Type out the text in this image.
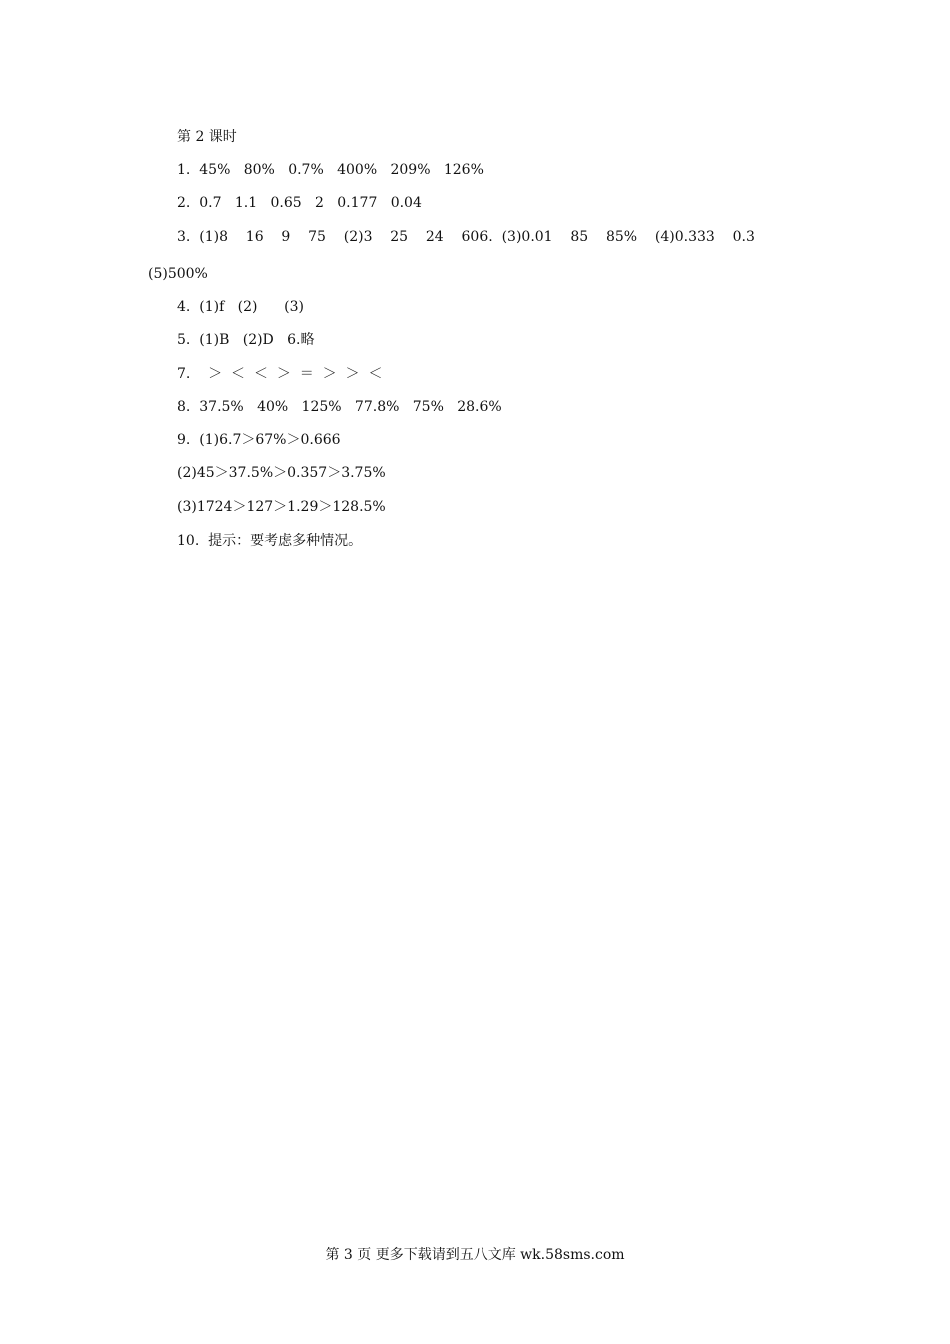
第 2 课时
1.  45%   80%   0.7%   400%   209%   126%
2.  0.7   1.1   0.65   2   0.177   0.04
3.  (1)8    16    9    75    (2)3    25    24    606.  (3)0.01    85    85%    (4)0.333    0.3
(5)500%
4.  (1)f   (2)      (3)
5.  (1)B   (2)D   6.略
7.    ＞  ＜  ＜  ＞  ＝  ＞  ＞  ＜
8.  37.5%   40%   125%   77.8%   75%   28.6%
9.  (1)6.7＞67%＞0.666
(2)45＞37.5%＞0.357＞3.75%
(3)1724＞127＞1.29＞128.5%
10.  提示：要考虑多种情况。
第 3 页 更多下载请到五八文库 wk.58sms.com
